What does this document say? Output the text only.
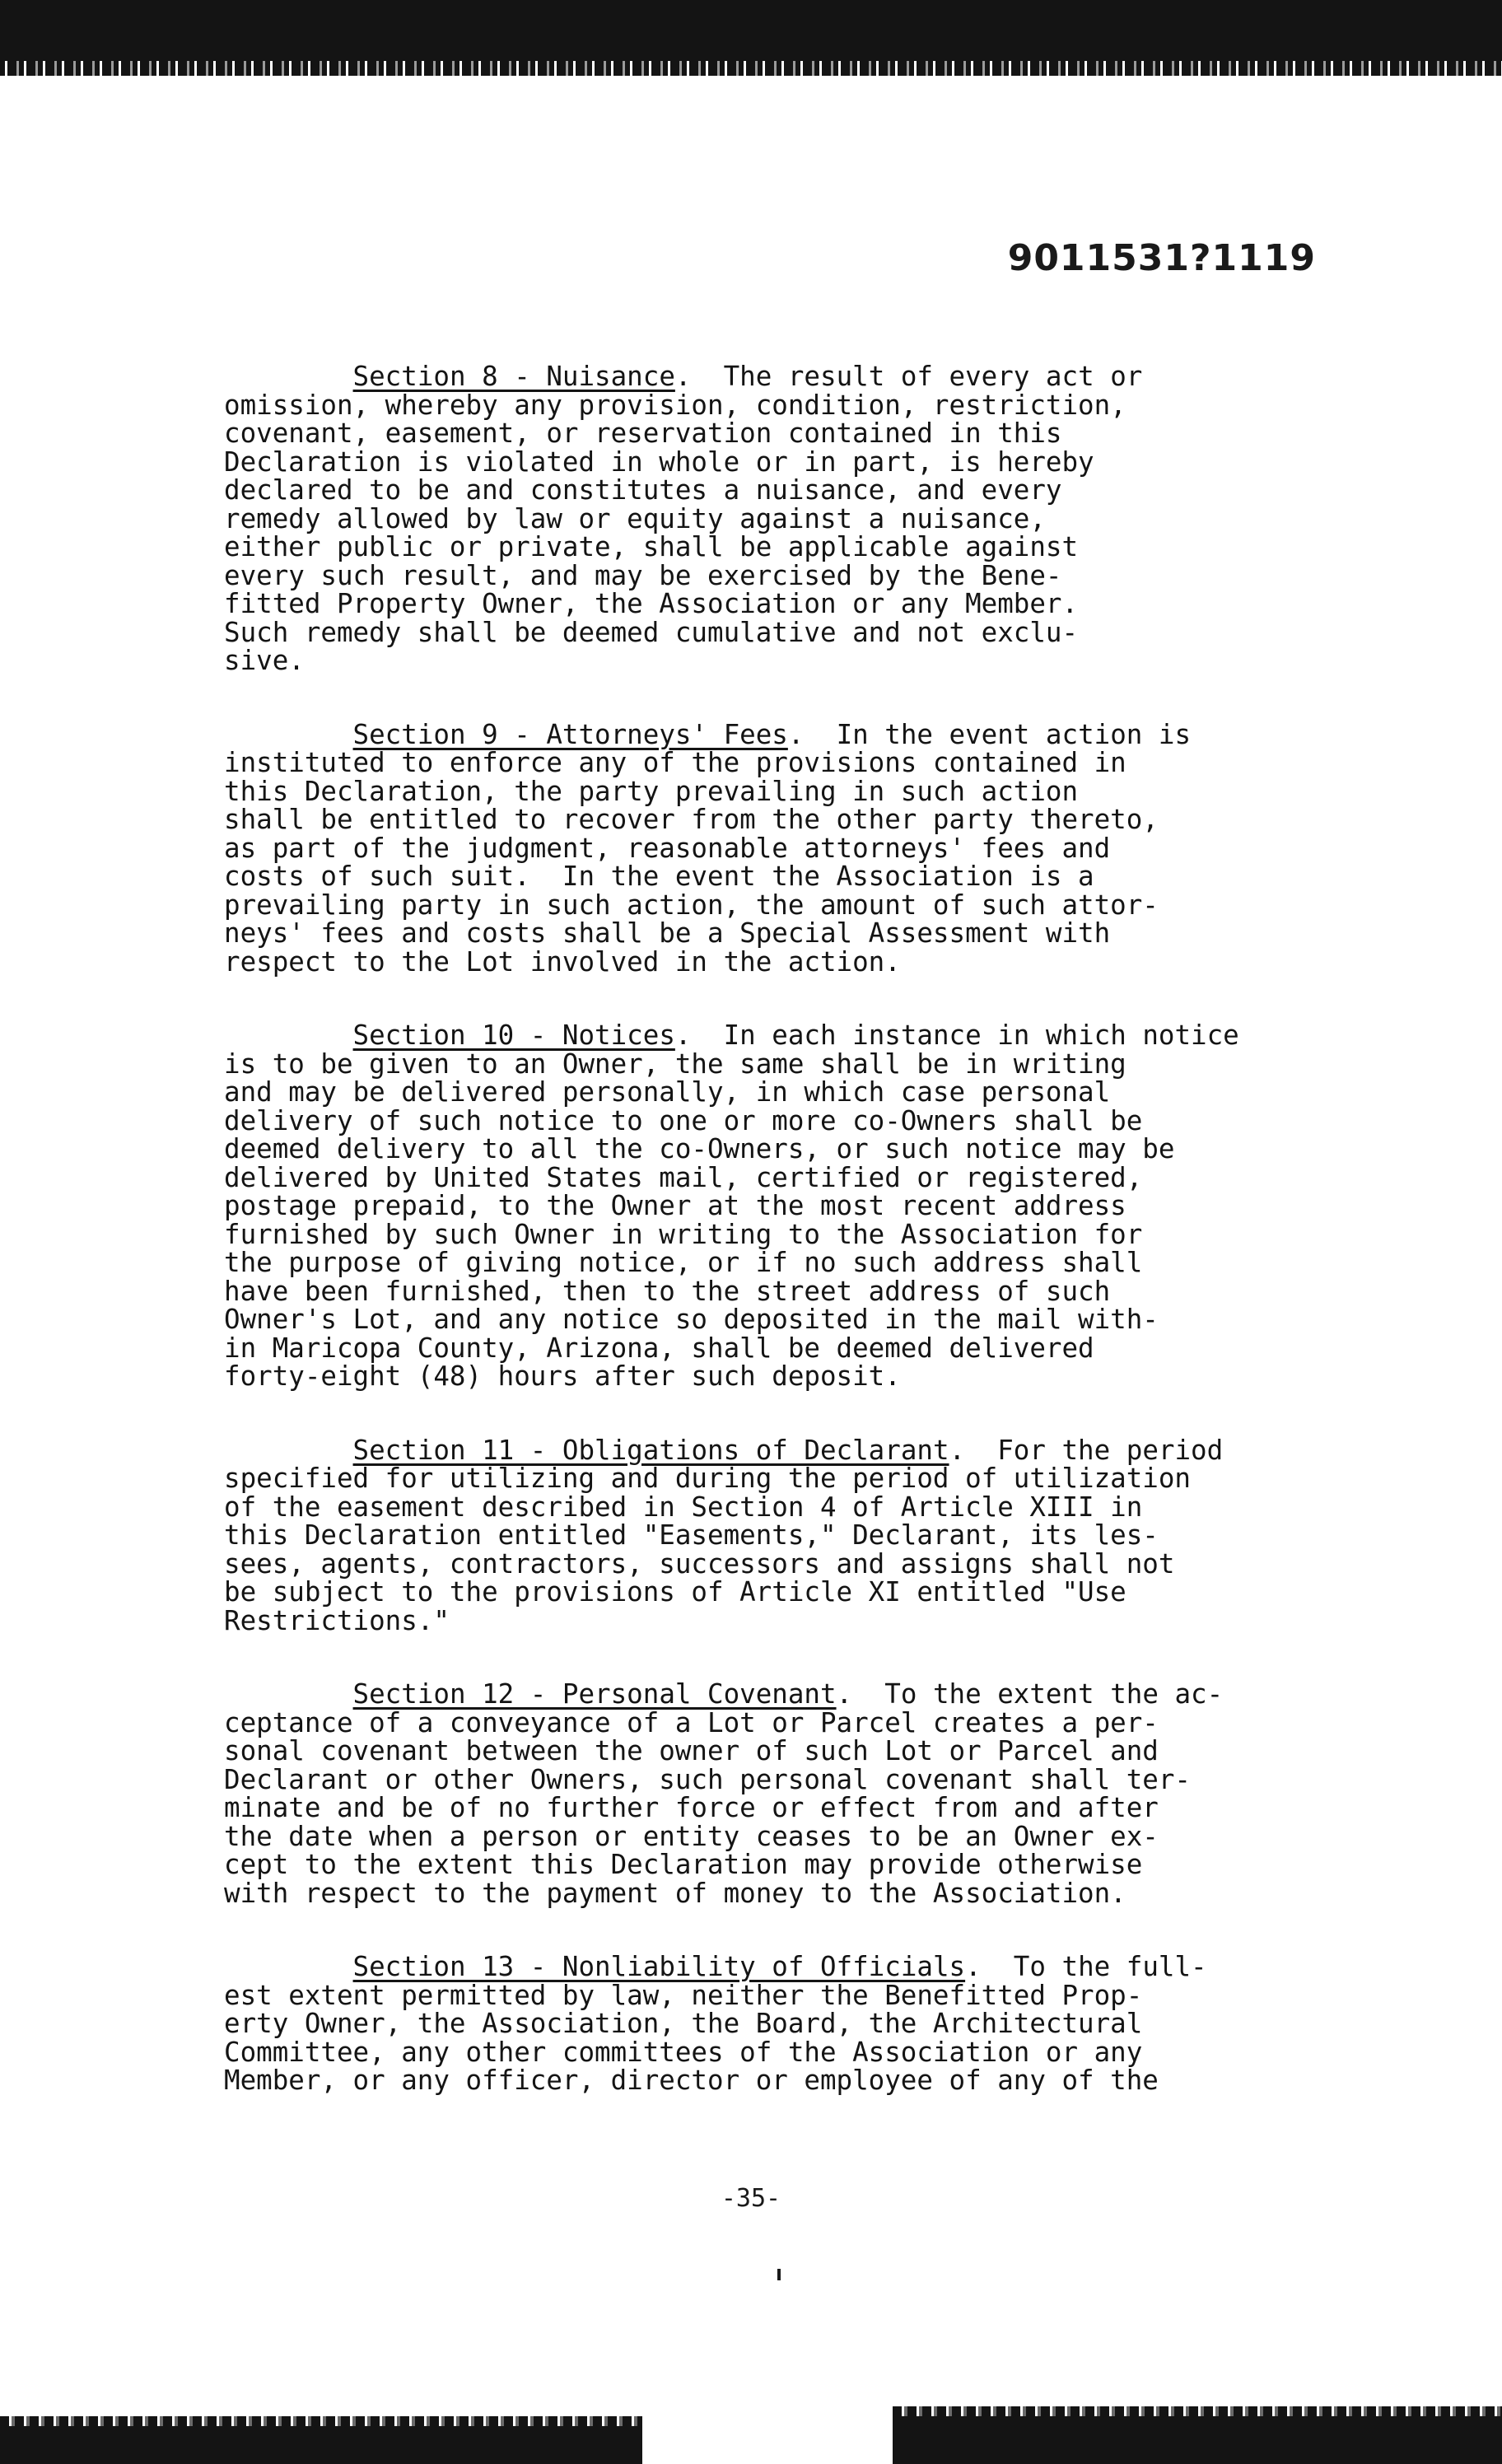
9011531?1119
Section 8 - Nuisance.  The result of every act or
omission, whereby any provision, condition, restriction,
covenant, easement, or reservation contained in this
Declaration is violated in whole or in part, is hereby
declared to be and constitutes a nuisance, and every
remedy allowed by law or equity against a nuisance,
either public or private, shall be applicable against
every such result, and may be exercised by the Bene-
fitted Property Owner, the Association or any Member.
Such remedy shall be deemed cumulative and not exclu-
sive.
Section 9 - Attorneys' Fees.  In the event action is
instituted to enforce any of the provisions contained in
this Declaration, the party prevailing in such action
shall be entitled to recover from the other party thereto,
as part of the judgment, reasonable attorneys' fees and
costs of such suit.  In the event the Association is a
prevailing party in such action, the amount of such attor-
neys' fees and costs shall be a Special Assessment with
respect to the Lot involved in the action.
Section 10 - Notices.  In each instance in which notice
is to be given to an Owner, the same shall be in writing
and may be delivered personally, in which case personal
delivery of such notice to one or more co-Owners shall be
deemed delivery to all the co-Owners, or such notice may be
delivered by United States mail, certified or registered,
postage prepaid, to the Owner at the most recent address
furnished by such Owner in writing to the Association for
the purpose of giving notice, or if no such address shall
have been furnished, then to the street address of such
Owner's Lot, and any notice so deposited in the mail with-
in Maricopa County, Arizona, shall be deemed delivered
forty-eight (48) hours after such deposit.
Section 11 - Obligations of Declarant.  For the period
specified for utilizing and during the period of utilization
of the easement described in Section 4 of Article XIII in
this Declaration entitled "Easements," Declarant, its les-
sees, agents, contractors, successors and assigns shall not
be subject to the provisions of Article XI entitled "Use
Restrictions."
Section 12 - Personal Covenant.  To the extent the ac-
ceptance of a conveyance of a Lot or Parcel creates a per-
sonal covenant between the owner of such Lot or Parcel and
Declarant or other Owners, such personal covenant shall ter-
minate and be of no further force or effect from and after
the date when a person or entity ceases to be an Owner ex-
cept to the extent this Declaration may provide otherwise
with respect to the payment of money to the Association.
Section 13 - Nonliability of Officials.  To the full-
est extent permitted by law, neither the Benefitted Prop-
erty Owner, the Association, the Board, the Architectural
Committee, any other committees of the Association or any
Member, or any officer, director or employee of any of the
-35-
